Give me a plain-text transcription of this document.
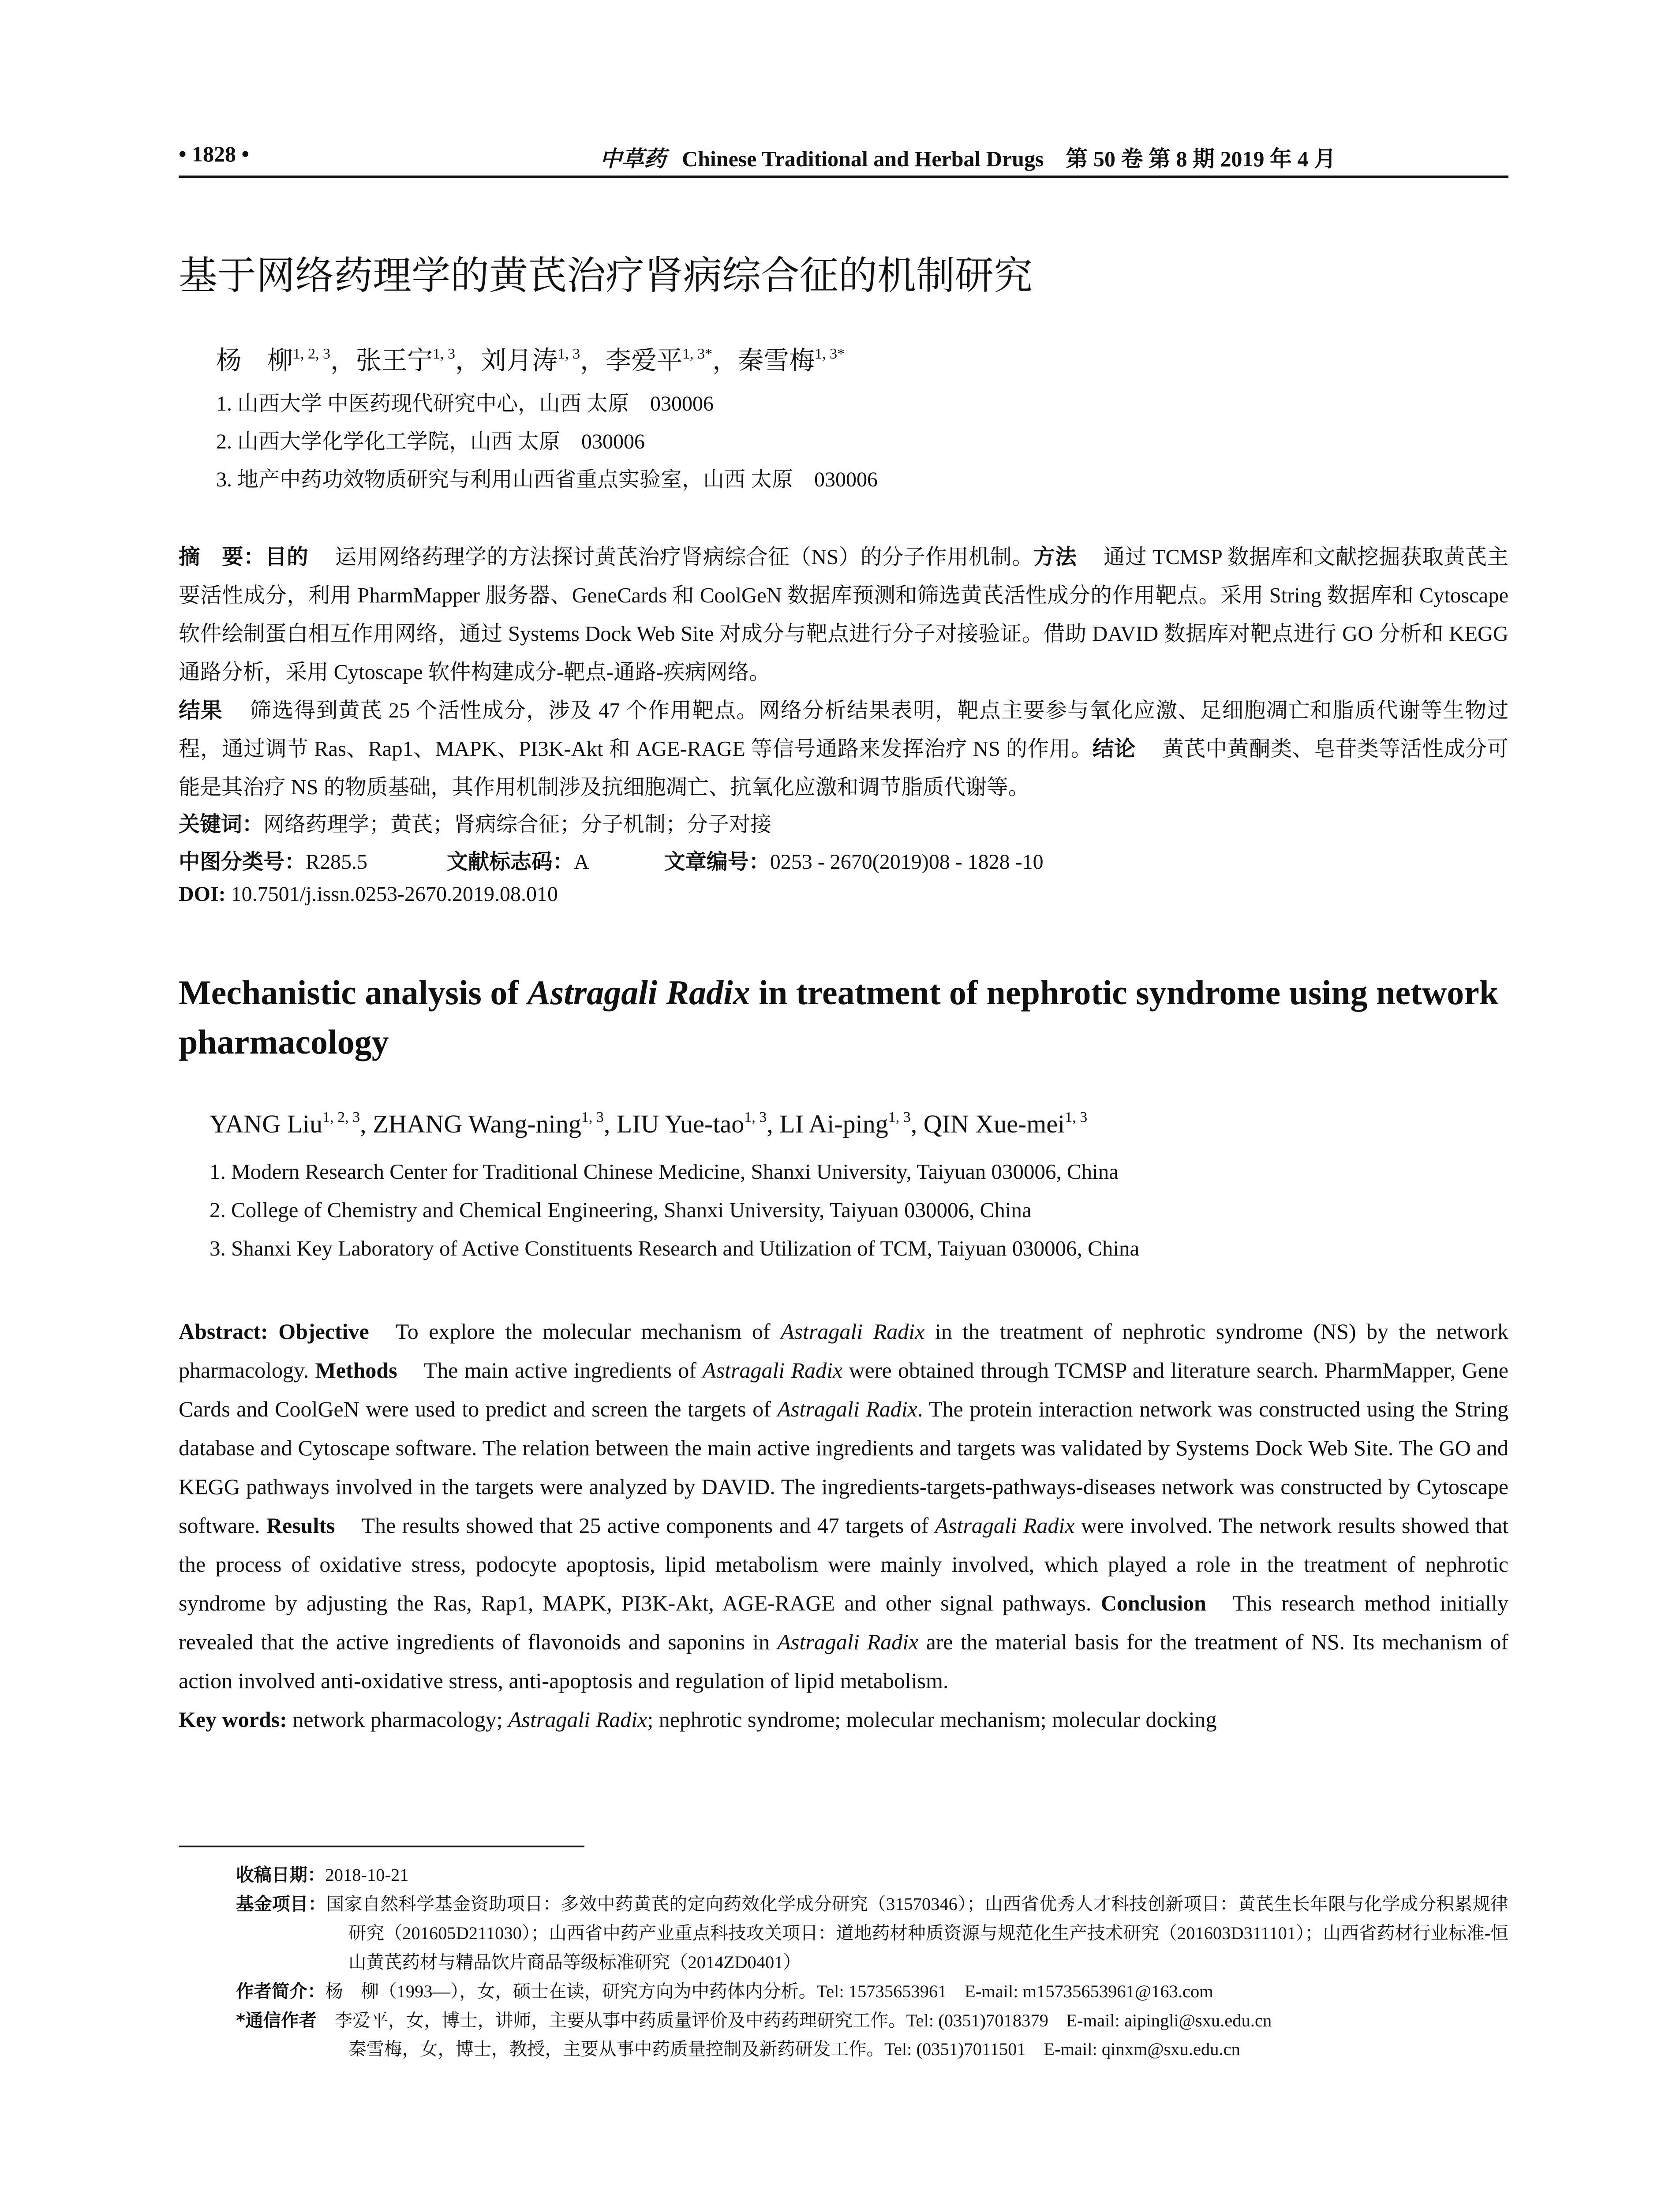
• 1828 •	中草药 Chinese Traditional and Herbal Drugs　第 50 卷 第 8 期 2019 年 4 月
基于网络药理学的黄芪治疗肾病综合征的机制研究
杨　柳$^{1, 2, 3}$，张王宁$^{1, 3}$，刘月涛$^{1, 3}$，李爱平$^{1, 3*}$，秦雪梅$^{1, 3*}$
1. 山西大学 中医药现代研究中心，山西 太原　030006
2. 山西大学化学化工学院，山西 太原　030006
3. 地产中药功效物质研究与利用山西省重点实验室，山西 太原　030006
摘　要：目的 运用网络药理学的方法探讨黄芪治疗肾病综合征（NS）的分子作用机制。方法 通过 TCMSP 数据库和文献挖掘获取黄芪主要活性成分，利用 PharmMapper 服务器、GeneCards 和 CoolGeN 数据库预测和筛选黄芪活性成分的作用靶点。采用 String 数据库和 Cytoscape 软件绘制蛋白相互作用网络，通过 Systems Dock Web Site 对成分与靶点进行分子对接验证。借助 DAVID 数据库对靶点进行 GO 分析和 KEGG 通路分析，采用 Cytoscape 软件构建成分-靶点-通路-疾病网络。
结果 筛选得到黄芪 25 个活性成分，涉及 47 个作用靶点。网络分析结果表明，靶点主要参与氧化应激、足细胞凋亡和脂质代谢等生物过程，通过调节 Ras、Rap1、MAPK、PI3K-Akt 和 AGE-RAGE 等信号通路来发挥治疗 NS 的作用。结论 黄芪中黄酮类、皂苷类等活性成分可能是其治疗 NS 的物质基础，其作用机制涉及抗细胞凋亡、抗氧化应激和调节脂质代谢等。
关键词：网络药理学；黄芪；肾病综合征；分子机制；分子对接
中图分类号：R285.5	文献标志码：A	文章编号：0253 - 2670(2019)08 - 1828 -10
DOI: 10.7501/j.issn.0253-2670.2019.08.010
Mechanistic analysis of Astragali Radix in treatment of nephrotic syndrome using network pharmacology
YANG Liu$^{1, 2, 3}$, ZHANG Wang-ning$^{1, 3}$, LIU Yue-tao$^{1, 3}$, LI Ai-ping$^{1, 3}$, QIN Xue-mei$^{1, 3}$
1. Modern Research Center for Traditional Chinese Medicine, Shanxi University, Taiyuan 030006, China
2. College of Chemistry and Chemical Engineering, Shanxi University, Taiyuan 030006, China
3. Shanxi Key Laboratory of Active Constituents Research and Utilization of TCM, Taiyuan 030006, China
Abstract: Objective To explore the molecular mechanism of Astragali Radix in the treatment of nephrotic syndrome (NS) by the network pharmacology. Methods The main active ingredients of Astragali Radix were obtained through TCMSP and literature search. PharmMapper, Gene Cards and CoolGeN were used to predict and screen the targets of Astragali Radix. The protein interaction network was constructed using the String database and Cytoscape software. The relation between the main active ingredients and targets was validated by Systems Dock Web Site. The GO and KEGG pathways involved in the targets were analyzed by DAVID. The ingredients-targets-pathways-diseases network was constructed by Cytoscape software. Results The results showed that 25 active components and 47 targets of Astragali Radix were involved. The network results showed that the process of oxidative stress, podocyte apoptosis, lipid metabolism were mainly involved, which played a role in the treatment of nephrotic syndrome by adjusting the Ras, Rap1, MAPK, PI3K-Akt, AGE-RAGE and other signal pathways. Conclusion This research method initially revealed that the active ingredients of flavonoids and saponins in Astragali Radix are the material basis for the treatment of NS. Its mechanism of action involved anti-oxidative stress, anti-apoptosis and regulation of lipid metabolism.
Key words: network pharmacology; Astragali Radix; nephrotic syndrome; molecular mechanism; molecular docking
收稿日期：2018-10-21
基金项目：国家自然科学基金资助项目：多效中药黄芪的定向药效化学成分研究（31570346）；山西省优秀人才科技创新项目：黄芪生长年限与化学成分积累规律研究（201605D211030）；山西省中药产业重点科技攻关项目：道地药材种质资源与规范化生产技术研究（201603D311101）；山西省药材行业标准-恒山黄芪药材与精品饮片商品等级标准研究（2014ZD0401）
作者简介：杨　柳（1993—），女，硕士在读，研究方向为中药体内分析。Tel: 15735653961　E-mail: m15735653961@163.com
*通信作者　 李爱平，女，博士，讲师，主要从事中药质量评价及中药药理研究工作。Tel: (0351)7018379　E-mail: aipingli@sxu.edu.cn
秦雪梅，女，博士，教授，主要从事中药质量控制及新药研发工作。Tel: (0351)7011501　E-mail: qinxm@sxu.edu.cn
